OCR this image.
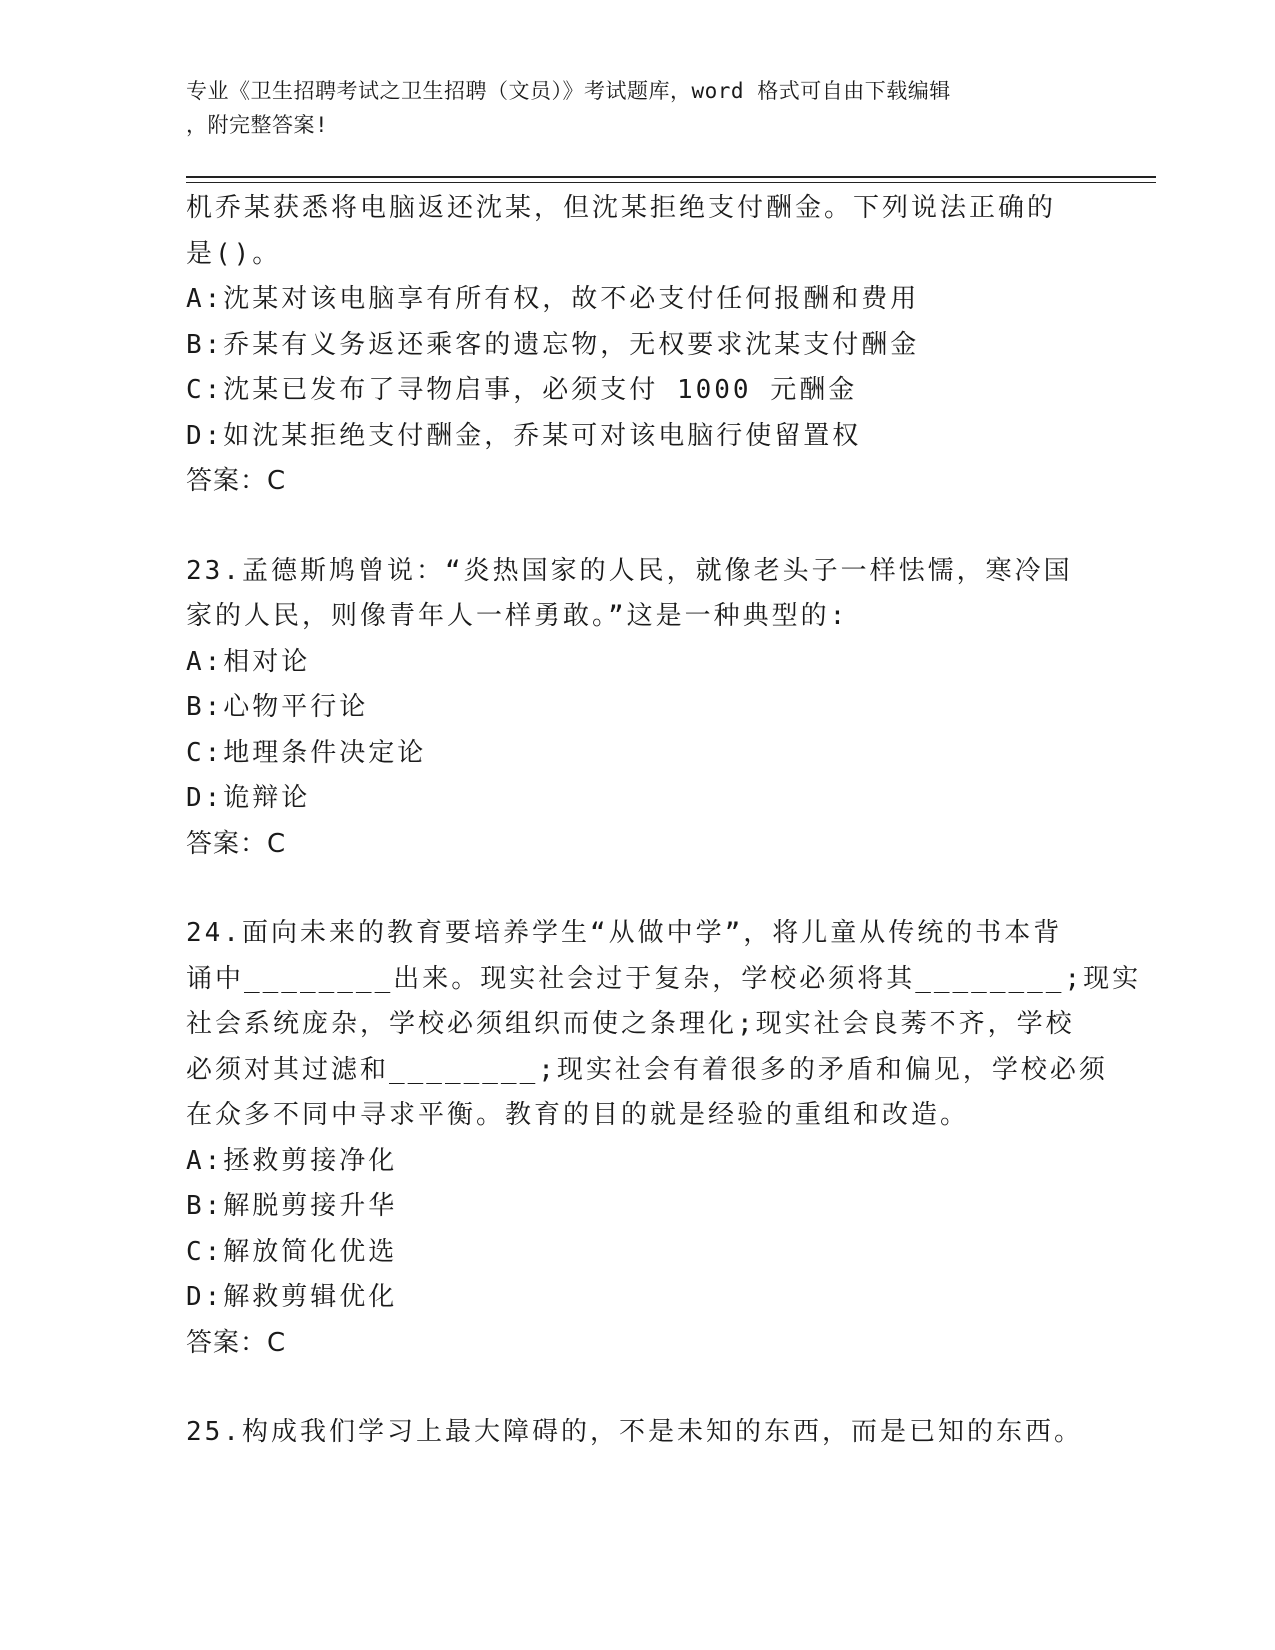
专业《卫生招聘考试之卫生招聘（文员）》考试题库，word 格式可自由下载编辑
，附完整答案!
机乔某获悉将电脑返还沈某，但沈某拒绝支付酬金。下列说法正确的
是()。
A:沈某对该电脑享有所有权，故不必支付任何报酬和费用
B:乔某有义务返还乘客的遗忘物，无权要求沈某支付酬金
C:沈某已发布了寻物启事，必须支付 1000 元酬金
D:如沈某拒绝支付酬金，乔某可对该电脑行使留置权
答案：C
23.孟德斯鸠曾说：“炎热国家的人民，就像老头子一样怯懦，寒冷国
家的人民，则像青年人一样勇敢。”这是一种典型的:
A:相对论
B:心物平行论
C:地理条件决定论
D:诡辩论
答案：C
24.面向未来的教育要培养学生“从做中学”，将儿童从传统的书本背
诵中________出来。现实社会过于复杂，学校必须将其________;现实
社会系统庞杂，学校必须组织而使之条理化;现实社会良莠不齐，学校
必须对其过滤和________;现实社会有着很多的矛盾和偏见，学校必须
在众多不同中寻求平衡。教育的目的就是经验的重组和改造。
A:拯救剪接净化
B:解脱剪接升华
C:解放简化优选
D:解救剪辑优化
答案：C
25.构成我们学习上最大障碍的，不是未知的东西，而是已知的东西。
